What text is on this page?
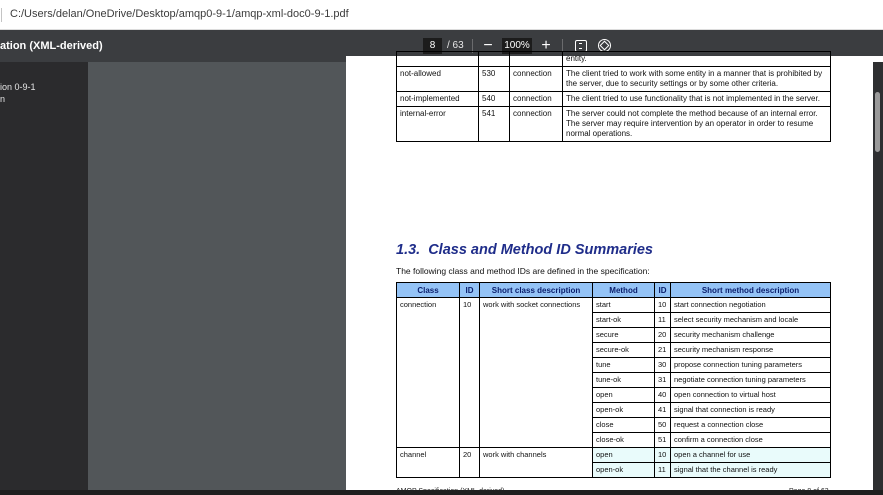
C:/Users/delan/OneDrive/Desktop/amqp0-9-1/amqp-xml-doc0-9-1.pdf
ation (XML-derived)	8	/ 63 −	100% +
ion 0-9-1
n
			entity.
not-allowed	530	connection	The client tried to work with some entity in a manner that is prohibited by the server, due to security settings or by some other criteria.
not-implemented	540	connection	The client tried to use functionality that is not implemented in the server.
internal-error	541	connection	The server could not complete the method because of an internal error. The server may require intervention by an operator in order to resume normal operations.
1.3. Class and Method ID Summaries
The following class and method IDs are defined in the specification:
Class	ID	Short class description	Method	ID	Short method description
connection	10	work with socket connections	start	10	start connection negotiation
			start-ok	11	select security mechanism and locale
			secure	20	security mechanism challenge
			secure-ok	21	security mechanism response
			tune	30	propose connection tuning parameters
			tune-ok	31	negotiate connection tuning parameters
			open	40	open connection to virtual host
			open-ok	41	signal that connection is ready
			close	50	request a connection close
			close-ok	51	confirm a connection close
channel	20	work with channels	open	10	open a channel for use
			open-ok	11	signal that the channel is ready
AMQP Specification (XML-derived)	Page 8 of 63
